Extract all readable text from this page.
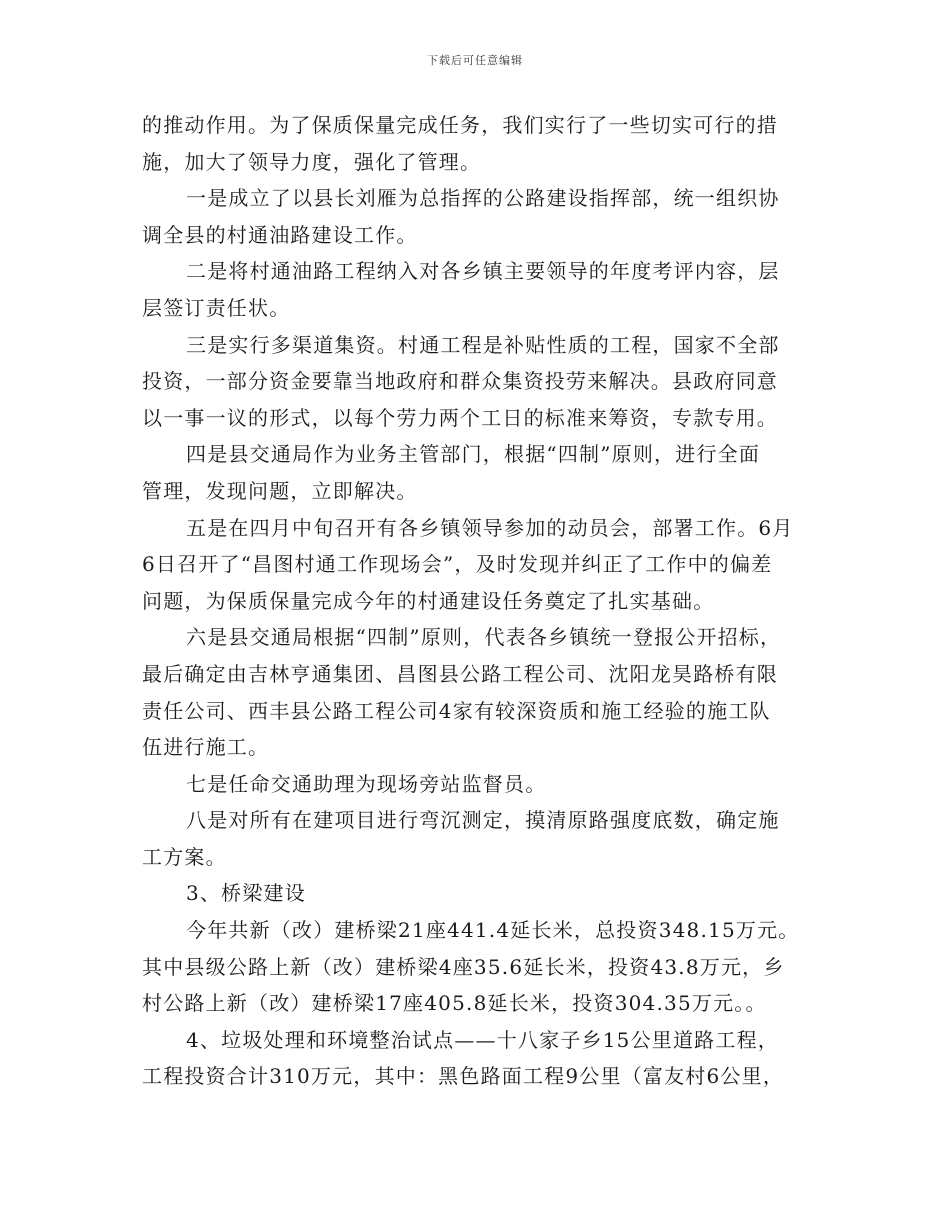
下载后可任意编辑
的推动作用。为了保质保量完成任务，我们实行了一些切实可行的措
施，加大了领导力度，强化了管理。
一是成立了以县长刘雁为总指挥的公路建设指挥部，统一组织协
调全县的村通油路建设工作。
二是将村通油路工程纳入对各乡镇主要领导的年度考评内容，层
层签订责任状。
三是实行多渠道集资。村通工程是补贴性质的工程，国家不全部
投资，一部分资金要靠当地政府和群众集资投劳来解决。县政府同意
以一事一议的形式，以每个劳力两个工日的标准来筹资，专款专用。
四是县交通局作为业务主管部门，根据“四制”原则，进行全面
管理，发现问题，立即解决。
五是在四月中旬召开有各乡镇领导参加的动员会，部署工作。6月
6日召开了“昌图村通工作现场会”，及时发现并纠正了工作中的偏差
问题，为保质保量完成今年的村通建设任务奠定了扎实基础。
六是县交通局根据“四制”原则，代表各乡镇统一登报公开招标，
最后确定由吉林亨通集团、昌图县公路工程公司、沈阳龙昊路桥有限
责任公司、西丰县公路工程公司4家有较深资质和施工经验的施工队
伍进行施工。
七是任命交通助理为现场旁站监督员。
八是对所有在建项目进行弯沉测定，摸清原路强度底数，确定施
工方案。
3、桥梁建设
今年共新（改）建桥梁21座441.4延长米，总投资348.15万元。
其中县级公路上新（改）建桥梁4座35.6延长米，投资43.8万元，乡
村公路上新（改）建桥梁17座405.8延长米，投资304.35万元。。
4、垃圾处理和环境整治试点——十八家子乡15公里道路工程，
工程投资合计310万元，其中：黑色路面工程9公里（富友村6公里，
